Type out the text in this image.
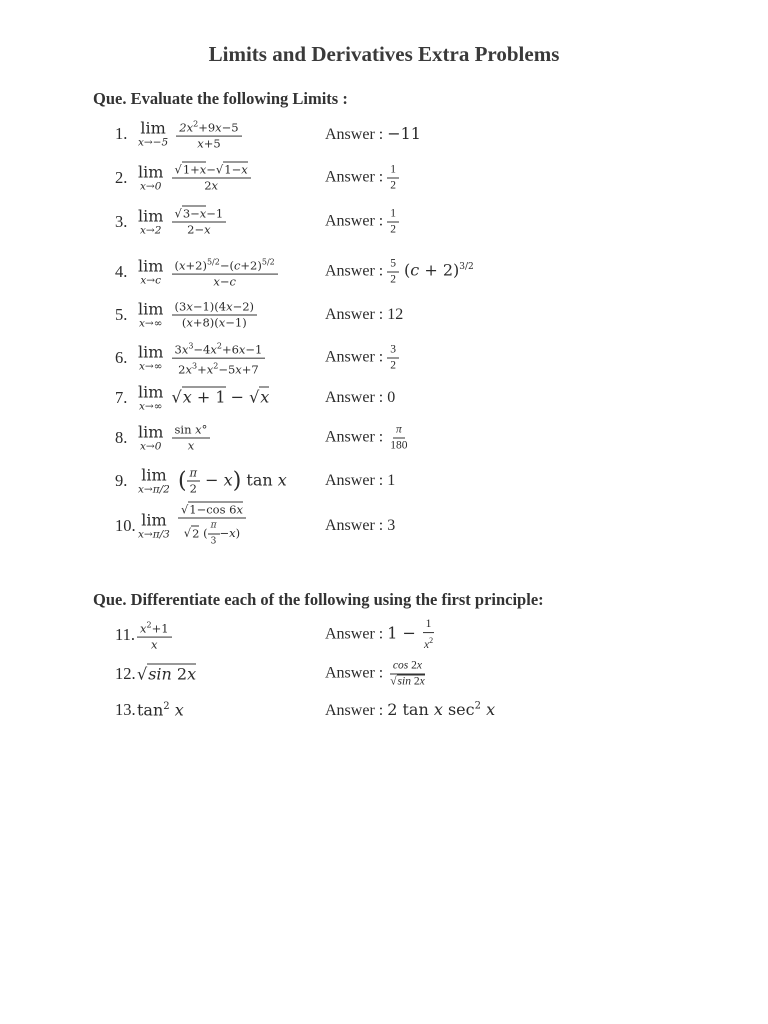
Limits and Derivatives Extra Problems
Que. Evaluate the following Limits :
1. lim
x→−5
$\frac{2x^2+9x-5}{x+5}$	Answer : −11
2. lim
x→0
$\frac{√1+x-√1-x}{2x}$	Answer : $\frac{1}{2}$
3. lim
x→2
$\frac{√3-x-1}{2-x}$	Answer : $\frac{1}{2}$
4. lim
x→c
$\frac{(x+2)^{5/2}-(c+2)^{5/2}}{x-c}$	Answer : $\frac{5}{2} (c + 2)^{3/2}$
5. lim
x→∞
$\frac{(3x-1)(4x-2)}{(x+8)(x-1)}$	Answer : 12
6. lim
x→∞
$\frac{3x^3-4x^2+6x-1}{2x^3+x^2-5x+7}$	Answer : $\frac{3}{2}$
7. lim
x→∞ √x + 1 − √x	Answer : 0
8. lim
x→0
$\frac{\text{sin x°}}{x}$	Answer : $\frac{\pi}{180}$
9. lim
x→π/2 ( $\frac{\pi}{2} - x$) tan x Answer : 1
10. lim
x→π/3
$\frac{√1-\cos 6x}{√2 ( \frac{\pi}{3} -x)}$	Answer : 3
Que. Differentiate each of the following using the first principle:
11. $\frac{x^2+1}{x}$	Answer : $1 - \frac{1}{x^2}$
12. √sin 2x	Answer : $\frac{\cos 2x}{√\sin 2x}$
13. $\tan^2 x$	Answer : 2 tan x $\sec^2 x$
